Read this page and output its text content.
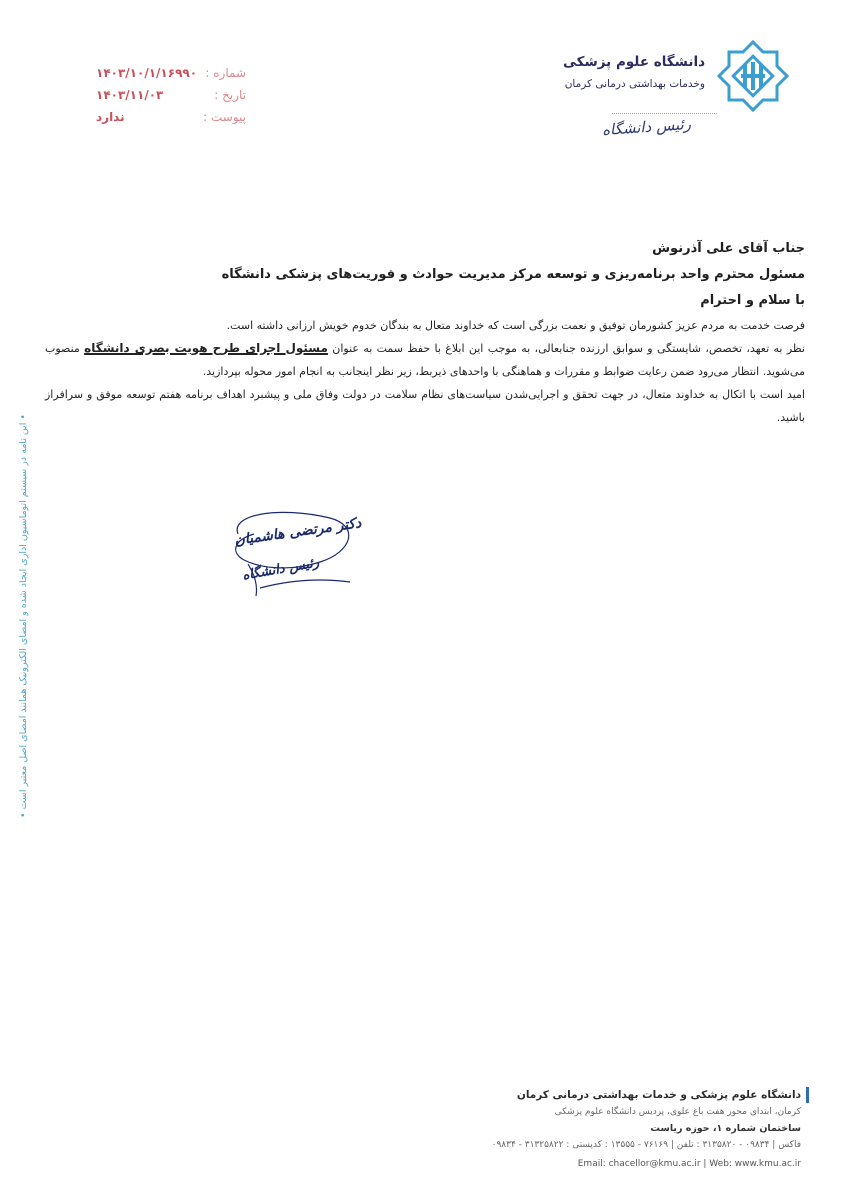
دانشگاه علوم پزشکی
وخدمات بهداشتی درمانی کرمان
رئیس دانشگاه
شماره :
۱۴۰۳/۱۰/۱/۱۶۹۹۰
تاریخ :
۱۴۰۳/۱۱/۰۳
پیوست :
ندارد
جناب آقای علی آذرنوش
مسئول محترم واحد برنامه‌ریزی و توسعه مرکز مدیریت حوادث و فوریت‌های پزشکی دانشگاه
با سلام و احترام

فرصت خدمت به مردم عزیز کشورمان توفیق و نعمت بزرگی است که خداوند متعال به بندگان خدوم خویش ارزانی داشته است.

نظر به تعهد، تخصص، شایستگی و سوابق ارزنده جنابعالی، به موجب این ابلاغ با حفظ سمت به عنوان مسئول اجرای طرح هویت بصری دانشگاه منصوب می‌شوید. انتظار می‌رود ضمن رعایت ضوابط و مقررات و هماهنگی با واحدهای ذیربط، زیر نظر اینجانب به انجام امور محوله بپردازید.

امید است با اتکال به خداوند متعال، در جهت تحقق و اجرایی‌شدن سیاست‌های نظام سلامت در دولت وفاق ملی و پیشبرد اهداف برنامه هفتم توسعه موفق و سرافراز باشید.

دکتر مرتضی هاشمیان
رئیس دانشگاه
• این نامه در سیستم اتوماسیون اداری ایجاد شده و امضای الکترونیک همانند امضای اصل معتبر است •
دانشگاه علوم پزشکی و خدمات بهداشتی درمانی کرمان
کرمان، ابتدای محور هفت باغ علوی، پردیس دانشگاه علوم پزشکی
ساختمان شماره ۱، حوزه ریاست
۰۹۸۳۴ - ۳۱۳۲۵۸۲۲ : فاکس | ۰۹۸۳۴ - ۳۱۳۵۸۲۰ : تلفن | ۷۶۱۶۹ - ۱۳۵۵۵ : کدپستی
Email: chacellor@kmu.ac.ir | Web: www.kmu.ac.ir
